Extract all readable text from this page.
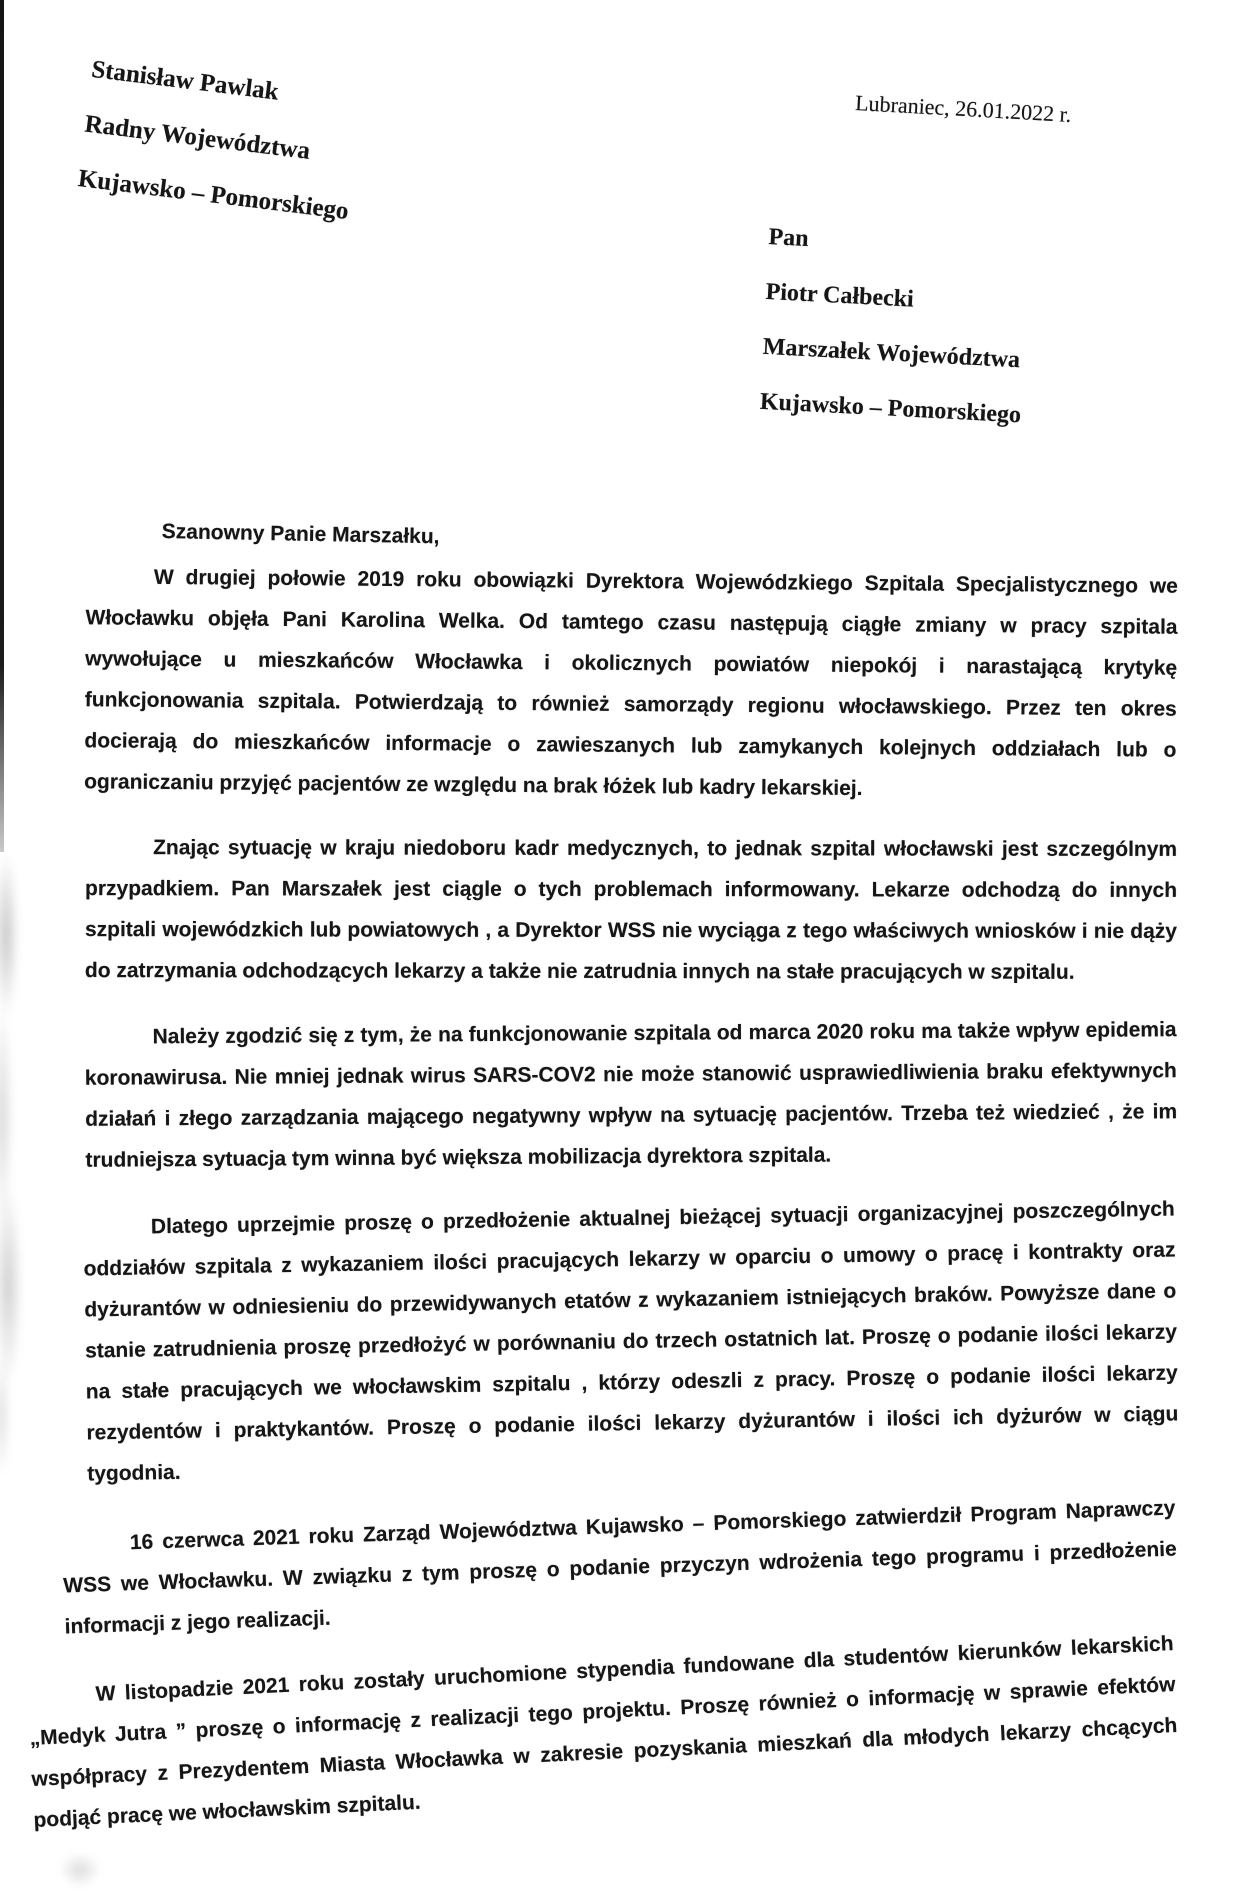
Stanisław Pawlak
Radny Województwa
Kujawsko – Pomorskiego
Lubraniec, 26.01.2022 r.
Pan
Piotr Całbecki
Marszałek Województwa
Kujawsko – Pomorskiego
Szanowny Panie Marszałku,

W drugiej połowie 2019 roku obowiązki Dyrektora Wojewódzkiego Szpitala Specjalistycznego we Włocławku objęła Pani Karolina Welka. Od tamtego czasu następują ciągłe zmiany w pracy szpitala wywołujące u mieszkańców Włocławka i okolicznych powiatów niepokój i narastającą krytykę funkcjonowania szpitala. Potwierdzają to również samorządy regionu włocławskiego. Przez ten okres docierają do mieszkańców informacje o zawieszanych lub zamykanych kolejnych oddziałach lub o ograniczaniu przyjęć pacjentów ze względu na brak łóżek lub kadry lekarskiej.

Znając sytuację w kraju niedoboru kadr medycznych, to jednak szpital włocławski jest szczególnym przypadkiem. Pan Marszałek jest ciągle o tych problemach informowany. Lekarze odchodzą do innych szpitali wojewódzkich lub powiatowych , a Dyrektor WSS nie wyciąga z tego właściwych wniosków i nie dąży do zatrzymania odchodzących lekarzy a także nie zatrudnia innych na stałe pracujących w szpitalu.

Należy zgodzić się z tym, że na funkcjonowanie szpitala od marca 2020 roku ma także wpływ epidemia koronawirusa. Nie mniej jednak wirus SARS-COV2 nie może stanowić usprawiedliwienia braku efektywnych działań i złego zarządzania mającego negatywny wpływ na sytuację pacjentów. Trzeba też wiedzieć , że im trudniejsza sytuacja tym winna być większa mobilizacja dyrektora szpitala.

Dlatego uprzejmie proszę o przedłożenie aktualnej bieżącej sytuacji organizacyjnej poszczególnych oddziałów szpitala z wykazaniem ilości pracujących lekarzy w oparciu o umowy o pracę i kontrakty oraz dyżurantów w odniesieniu do przewidywanych etatów z wykazaniem istniejących braków. Powyższe dane o stanie zatrudnienia proszę przedłożyć w porównaniu do trzech ostatnich lat. Proszę o podanie ilości lekarzy na stałe pracujących we włocławskim szpitalu , którzy odeszli z pracy. Proszę o podanie ilości lekarzy rezydentów i praktykantów. Proszę o podanie ilości lekarzy dyżurantów i ilości ich dyżurów w ciągu tygodnia.

16 czerwca 2021 roku Zarząd Województwa Kujawsko – Pomorskiego zatwierdził Program Naprawczy WSS we Włocławku. W związku z tym proszę o podanie przyczyn wdrożenia tego programu i przedłożenie informacji z jego realizacji.

W listopadzie 2021 roku zostały uruchomione stypendia fundowane dla studentów kierunków lekarskich „Medyk Jutra ” proszę o informację z realizacji tego projektu. Proszę również o informację w sprawie efektów współpracy z Prezydentem Miasta Włocławka w zakresie pozyskania mieszkań dla młodych lekarzy chcących podjąć pracę we włocławskim szpitalu.
